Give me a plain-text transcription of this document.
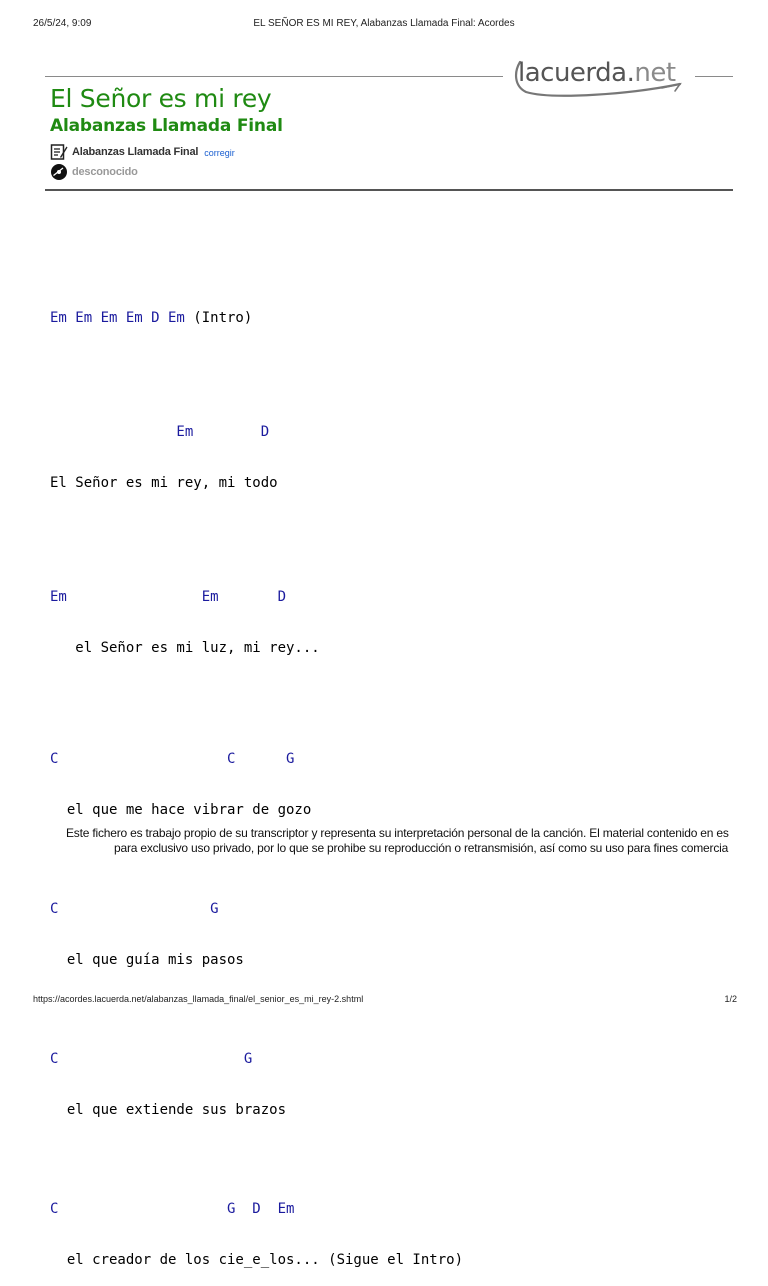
26/5/24, 9:09	EL SEÑOR ES MI REY, Alabanzas Llamada Final: Acordes
lacuerda.net
El Señor es mi rey
Alabanzas Llamada Final
Alabanzas Llamada Final corregir
desconocido

Em Em Em Em D Em (Intro)

Em        D

El Señor es mi rey, mi todo

Em                Em       D

el Señor es mi luz, mi rey...

C                    C      G

el que me hace vibrar de gozo

C                  G

el que guía mis pasos

C                      G

el que extiende sus brazos

C                    G  D  Em

el creador de los cie_e_los... (Sigue el Intro)

Este fichero es trabajo propio de su transcriptor y representa su interpretación personal de la canción. El material contenido en es
para exclusivo uso privado, por lo que se prohibe su reproducción o retransmisión, así como su uso para fines comercia
https://acordes.lacuerda.net/alabanzas_llamada_final/el_senior_es_mi_rey-2.shtml	1/2
